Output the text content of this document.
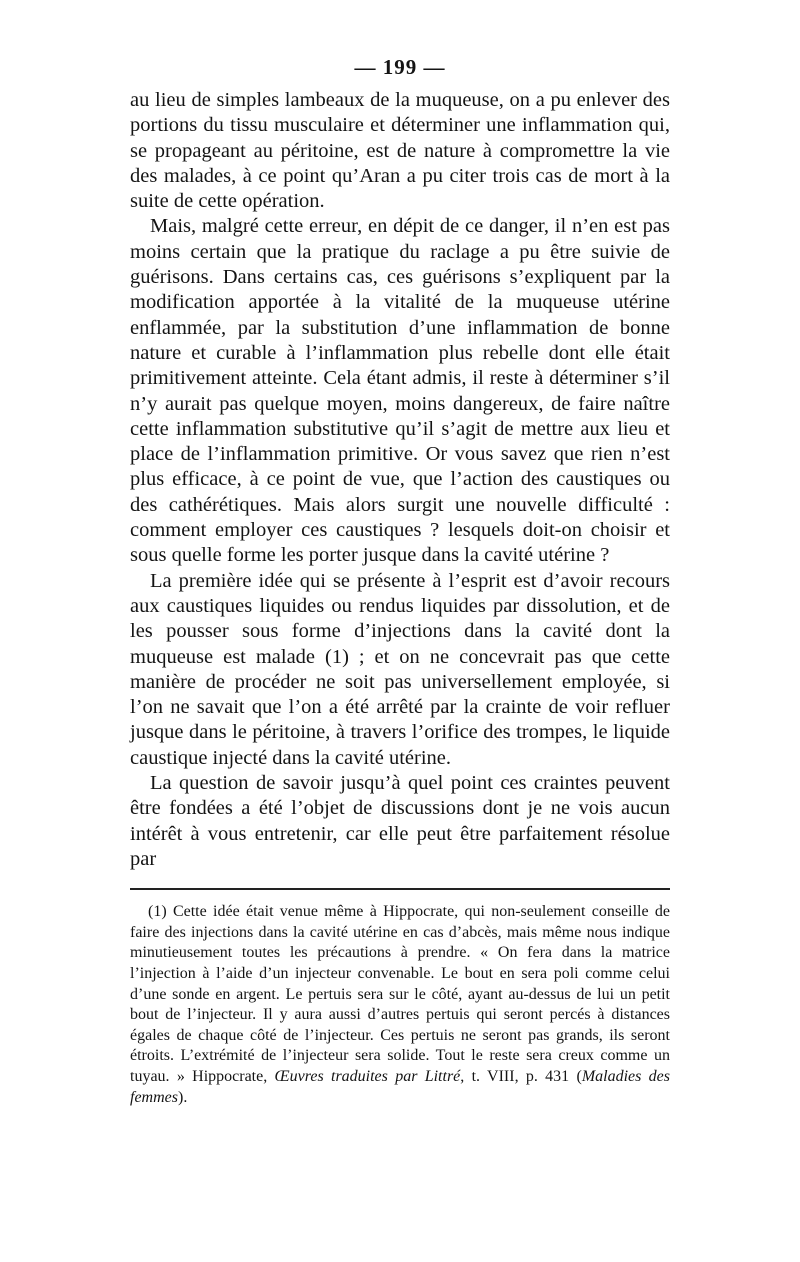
— 199 —

au lieu de simples lambeaux de la muqueuse, on a pu enlever des portions du tissu musculaire et déterminer une inflammation qui, se propageant au péritoine, est de nature à compromettre la vie des malades, à ce point qu’Aran a pu citer trois cas de mort à la suite de cette opération.

Mais, malgré cette erreur, en dépit de ce danger, il n’en est pas moins certain que la pratique du raclage a pu être suivie de guérisons. Dans certains cas, ces guérisons s’expliquent par la modification apportée à la vitalité de la muqueuse utérine enflammée, par la substitution d’une inflammation de bonne nature et curable à l’inflammation plus rebelle dont elle était primitivement atteinte. Cela étant admis, il reste à déterminer s’il n’y aurait pas quelque moyen, moins dangereux, de faire naître cette inflammation substitutive qu’il s’agit de mettre aux lieu et place de l’inflammation primitive. Or vous savez que rien n’est plus efficace, à ce point de vue, que l’action des caustiques ou des cathérétiques. Mais alors surgit une nouvelle difficulté : comment employer ces caustiques ? lesquels doit-on choisir et sous quelle forme les porter jusque dans la cavité utérine ?

La première idée qui se présente à l’esprit est d’avoir recours aux caustiques liquides ou rendus liquides par dissolution, et de les pousser sous forme d’injections dans la cavité dont la muqueuse est malade (1) ; et on ne concevrait pas que cette manière de procéder ne soit pas universellement employée, si l’on ne savait que l’on a été arrêté par la crainte de voir refluer jusque dans le péritoine, à travers l’orifice des trompes, le liquide caustique injecté dans la cavité utérine.

La question de savoir jusqu’à quel point ces craintes peuvent être fondées a été l’objet de discussions dont je ne vois aucun intérêt à vous entretenir, car elle peut être parfaitement résolue par

(1) Cette idée était venue même à Hippocrate, qui non-seulement conseille de faire des injections dans la cavité utérine en cas d’abcès, mais même nous indique minutieusement toutes les précautions à prendre. « On fera dans la matrice l’injection à l’aide d’un injecteur convenable. Le bout en sera poli comme celui d’une sonde en argent. Le pertuis sera sur le côté, ayant au-dessus de lui un petit bout de l’injecteur. Il y aura aussi d’autres pertuis qui seront percés à distances égales de chaque côté de l’injecteur. Ces pertuis ne seront pas grands, ils seront étroits. L’extrémité de l’injecteur sera solide. Tout le reste sera creux comme un tuyau. » Hippocrate, Œuvres traduites par Littré, t. VIII, p. 431 (Maladies des femmes).
